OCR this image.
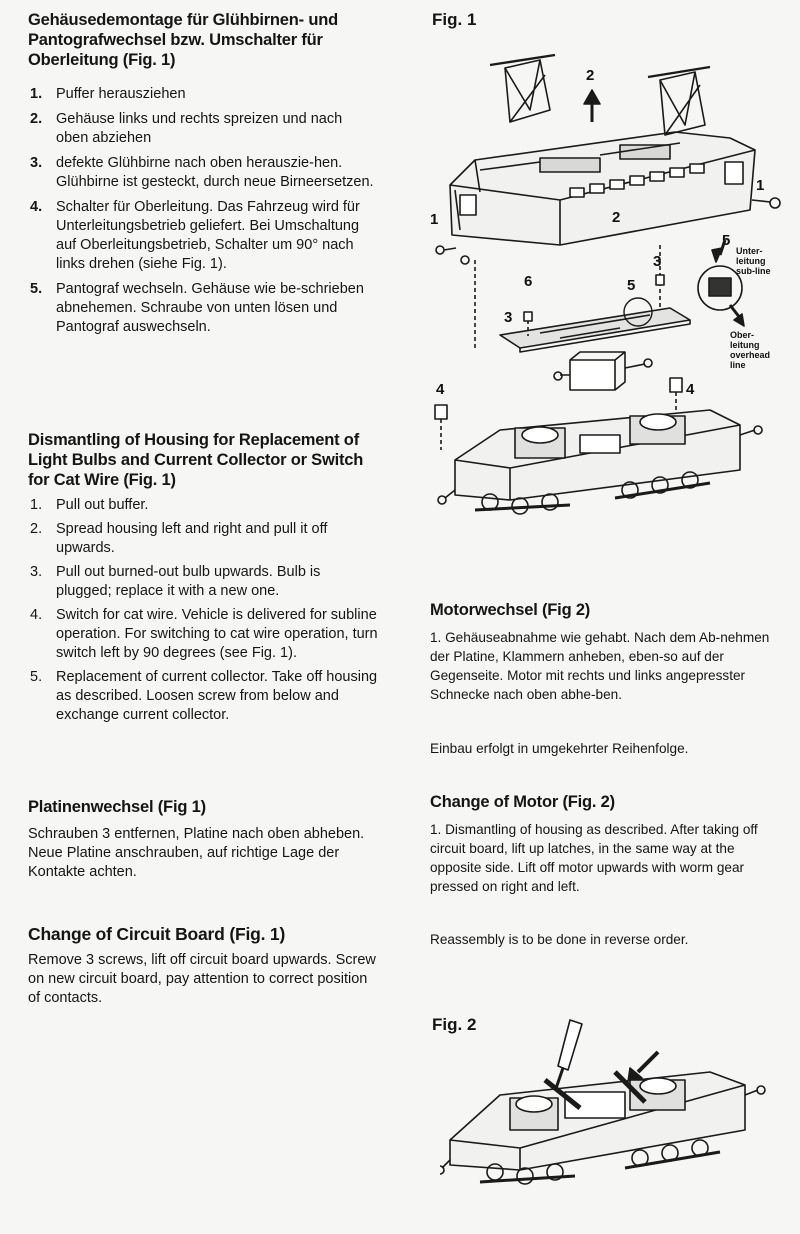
Gehäusedemontage für Glühbirnen- und Pantografwechsel bzw. Umschalter für Oberleitung (Fig. 1)
1. Puffer herausziehen
2. Gehäuse links und rechts spreizen und nach oben abziehen
3. defekte Glühbirne nach oben herauszie-hen. Glühbirne ist gesteckt, durch neue Birneersetzen.
4. Schalter für Oberleitung. Das Fahrzeug wird für Unterleitungsbetrieb geliefert. Bei Umschaltung auf Oberleitungsbetrieb, Schalter um 90° nach links drehen (siehe Fig. 1).
5. Pantograf wechseln. Gehäuse wie be-schrieben abnehemen. Schraube von unten lösen und Pantograf auswechseln.
Dismantling of Housing for Replacement of Light Bulbs and Current Collector or Switch for Cat Wire (Fig. 1)
1. Pull out buffer.
2. Spread housing left and right and pull it off upwards.
3. Pull out burned-out bulb upwards. Bulb is plugged; replace it with a new one.
4. Switch for cat wire. Vehicle is delivered for subline operation. For switching to cat wire operation, turn switch left by 90 degrees (see Fig. 1).
5. Replacement of current collector. Take off housing as described. Loosen screw from below and exchange current collector.
Platinenwechsel (Fig 1)

Schrauben 3 entfernen, Platine nach oben abheben. Neue Platine anschrauben, auf richtige Lage der Kontakte achten.

Change of Circuit Board (Fig. 1)

Remove 3 screws, lift off circuit board upwards. Screw on new circuit board, pay attention to correct position of contacts.

Fig. 1
2
1
1
2
5
3
6	5
3
4	4
Unter-
leitung
sub-line
Ober-
leitung
overhead
line
Motorwechsel (Fig 2)

1. Gehäuseabnahme wie gehabt. Nach dem Ab-nehmen der Platine, Klammern anheben, eben-so auf der Gegenseite. Motor mit rechts und links angepresster Schnecke nach oben abhe-ben.

Einbau erfolgt in umgekehrter Reihenfolge.

Change of Motor (Fig. 2)

1. Dismantling of housing as described. After taking off circuit board, lift up latches, in the same way at the opposite side. Lift off motor upwards with worm gear pressed on right and left.

Reassembly is to be done in reverse order.

Fig. 2
